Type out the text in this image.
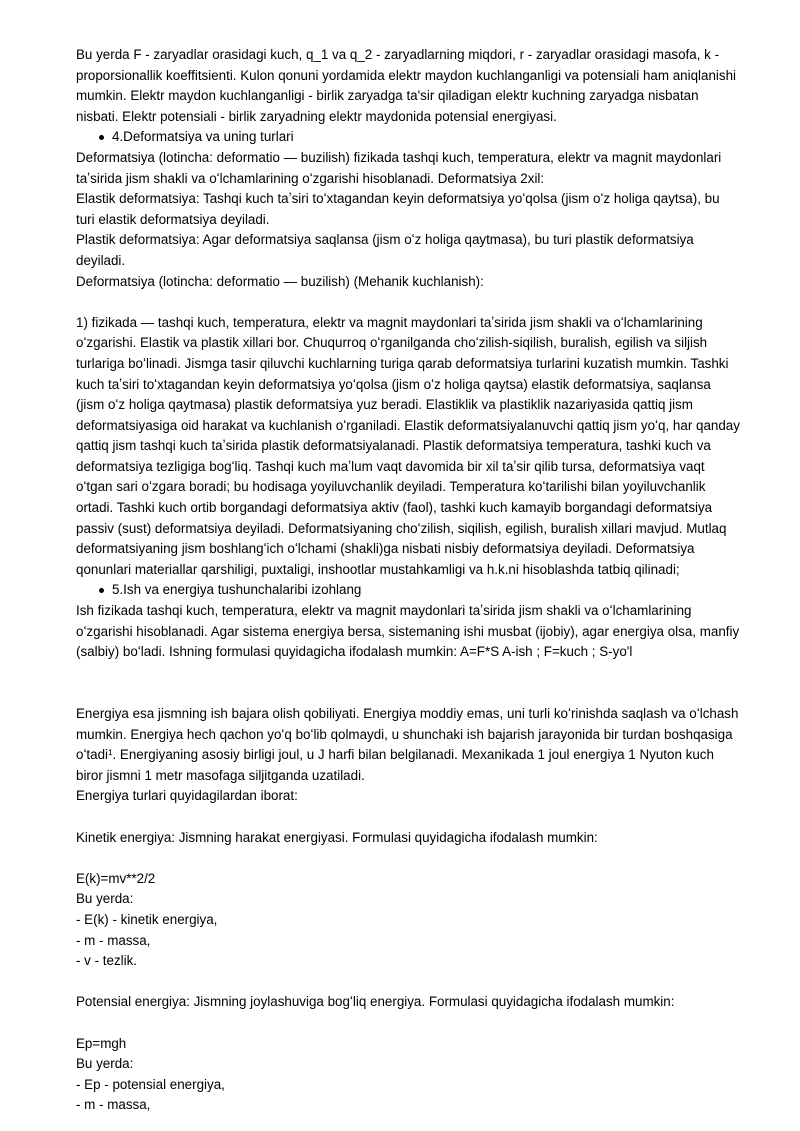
Bu yerda F - zaryadlar orasidagi kuch, q_1 va q_2 - zaryadlarning miqdori, r - zaryadlar orasidagi masofa, k - proporsionallik koeffitsienti. Kulon qonuni yordamida elektr maydon kuchlanganligi va potensiali ham aniqlanishi mumkin. Elektr maydon kuchlanganligi - birlik zaryadga ta'sir qiladigan elektr kuchning zaryadga nisbatan nisbati. Elektr potensiali - birlik zaryadning elektr maydonida potensial energiyasi.

4.Deformatsiya va uning turlari

Deformatsiya (lotincha: deformatio — buzilish) fizikada tashqi kuch, temperatura, elektr va magnit maydonlari taʼsirida jism shakli va oʻlchamlarining oʻzgarishi hisoblanadi. Deformatsiya 2xil:

Elastik deformatsiya: Tashqi kuch taʼsiri toʻxtagandan keyin deformatsiya yoʻqolsa (jism oʻz holiga qaytsa), bu turi elastik deformatsiya deyiladi.

Plastik deformatsiya: Agar deformatsiya saqlansa (jism oʻz holiga qaytmasa), bu turi plastik deformatsiya deyiladi.

Deformatsiya (lotincha: deformatio — buzilish) (Mehanik kuchlanish):

1) fizikada — tashqi kuch, temperatura, elektr va magnit maydonlari taʼsirida jism shakli va oʻlchamlarining oʻzgarishi. Elastik va plastik xillari bor. Chuqurroq oʻrganilganda choʻzilish-siqilish, buralish, egilish va siljish turlariga boʻlinadi. Jismga tasir qiluvchi kuchlarning turiga qarab deformatsiya turlarini kuzatish mumkin. Tashki kuch taʼsiri toʻxtagandan keyin deformatsiya yoʻqolsa (jism oʻz holiga qaytsa) elastik deformatsiya, saqlansa (jism oʻz holiga qaytmasa) plastik deformatsiya yuz beradi. Elastiklik va plastiklik nazariyasida qattiq jism deformatsiyasiga oid harakat va kuchlanish oʻrganiladi. Elastik deformatsiyalanuvchi qattiq jism yoʻq, har qanday qattiq jism tashqi kuch taʼsirida plastik deformatsiyalanadi. Plastik deformatsiya temperatura, tashki kuch va deformatsiya tezligiga bogʻliq. Tashqi kuch maʼlum vaqt davomida bir xil taʼsir qilib tursa, deformatsiya vaqt oʻtgan sari oʻzgara boradi; bu hodisaga yoyiluvchanlik deyiladi. Temperatura koʻtarilishi bilan yoyiluvchanlik ortadi. Tashki kuch ortib borgandagi deformatsiya aktiv (faol), tashki kuch kamayib borgandagi deformatsiya passiv (sust) deformatsiya deyiladi. Deformatsiyaning choʻzilish, siqilish, egilish, buralish xillari mavjud. Mutlaq deformatsiyaning jism boshlangʻich oʻlchami (shakli)ga nisbati nisbiy deformatsiya deyiladi. Deformatsiya qonunlari materiallar qarshiligi, puxtaligi, inshootlar mustahkamligi va h.k.ni hisoblashda tatbiq qilinadi;

5.Ish va energiya tushunchalaribi izohlang

Ish fizikada tashqi kuch, temperatura, elektr va magnit maydonlari taʼsirida jism shakli va oʻlchamlarining oʻzgarishi hisoblanadi. Agar sistema energiya bersa, sistemaning ishi musbat (ijobiy), agar energiya olsa, manfiy (salbiy) boʻladi. Ishning formulasi quyidagicha ifodalash mumkin: A=F*S A-ish ; F=kuch ; S-yo'l

Energiya esa jismning ish bajara olish qobiliyati. Energiya moddiy emas, uni turli koʻrinishda saqlash va oʻlchash mumkin. Energiya hech qachon yoʻq boʻlib qolmaydi, u shunchaki ish bajarish jarayonida bir turdan boshqasiga oʻtadi¹. Energiyaning asosiy birligi joul, u J harfi bilan belgilanadi. Mexanikada 1 joul energiya 1 Nyuton kuch biror jismni 1 metr masofaga siljitganda uzatiladi.

Energiya turlari quyidagilardan iborat:

Kinetik energiya: Jismning harakat energiyasi. Formulasi quyidagicha ifodalash mumkin:

E(k)=mv**2/2

Bu yerda:
- E(k) - kinetik energiya,
- m - massa,
- v - tezlik.

Potensial energiya: Jismning joylashuviga bogʻliq energiya. Formulasi quyidagicha ifodalash mumkin:

Ep=mgh

Bu yerda:
- Ep - potensial energiya,
- m - massa,
